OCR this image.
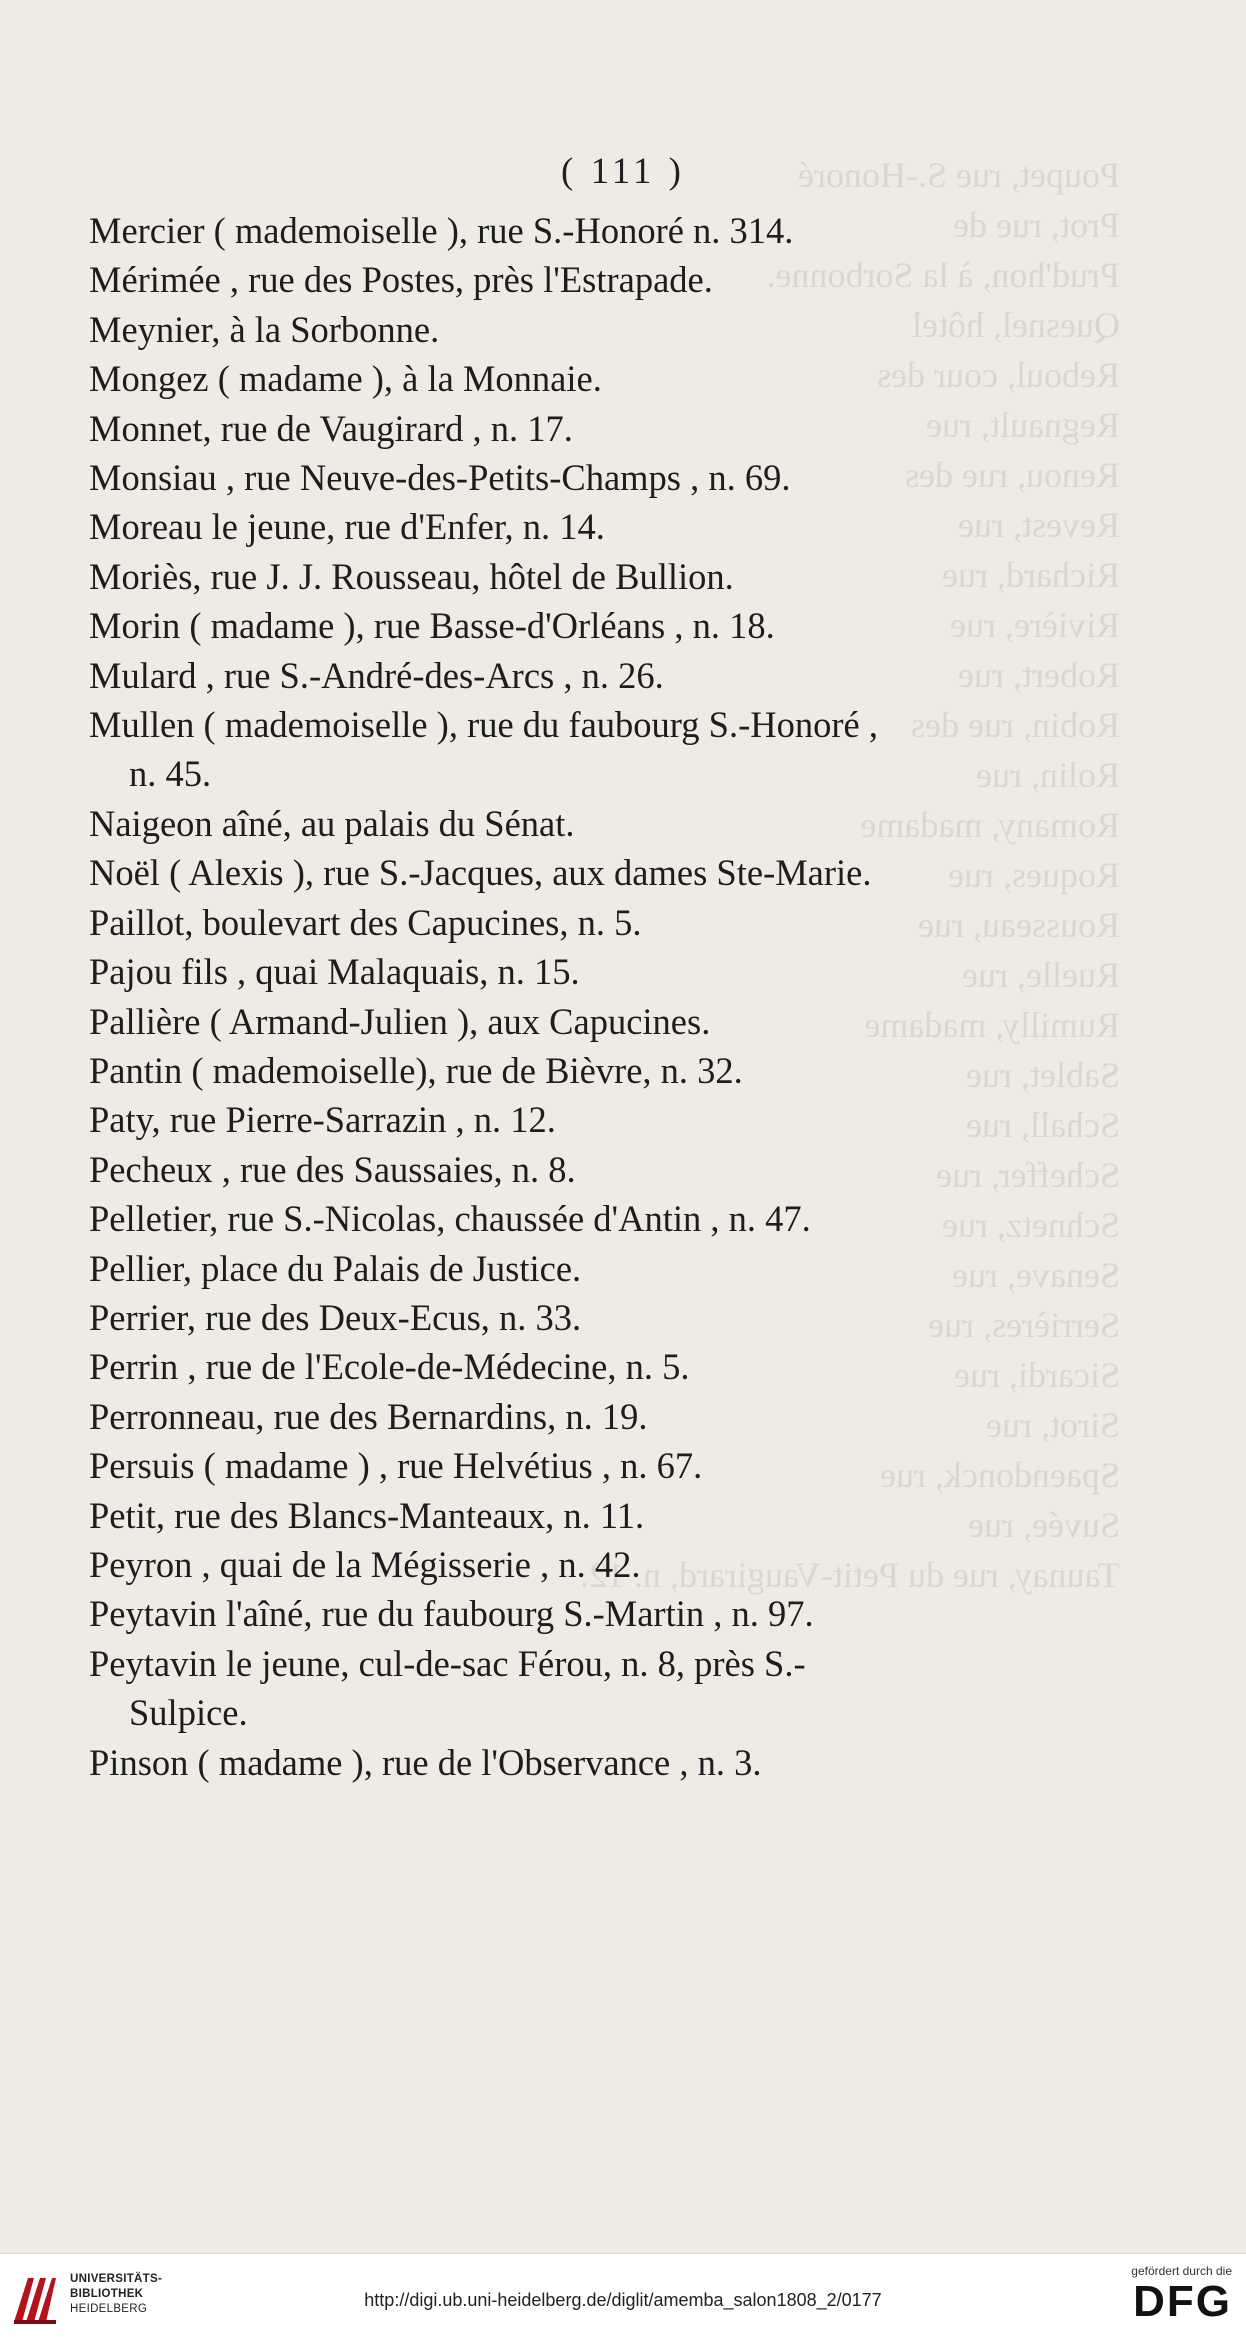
Poupet, rue S.-Honoré
Prot, rue de
Prud'hon, à la Sorbonne.
Quesnel, hôtel
Reboul, cour des
Regnault, rue
Renou, rue des
Revest, rue
Richard, rue
Rivière, rue
Robert, rue
Robin, rue des
Rolin, rue
Romany, madame
Roques, rue
Rousseau, rue
Ruelle, rue
Rumilly, madame
Sablet, rue
Schall, rue
Scheffer, rue
Schnetz, rue
Senave, rue
Serrières, rue
Sicardi, rue
Sirot, rue
Spaendonck, rue
Suvée, rue
Taunay, rue du Petit-Vaugirard, n. 12.
( 111 )
Mercier ( mademoiselle ), rue S.-Honoré n. 314.
Mérimée , rue des Postes, près l'Estrapade.
Meynier, à la Sorbonne.
Mongez ( madame ), à la Monnaie.
Monnet, rue de Vaugirard , n. 17.
Monsiau , rue Neuve-des-Petits-Champs , n. 69.
Moreau le jeune, rue d'Enfer, n. 14.
Moriès, rue J. J. Rousseau, hôtel de Bullion.
Morin ( madame ), rue Basse-d'Orléans , n. 18.
Mulard , rue S.-André-des-Arcs , n. 26.
Mullen ( mademoiselle ), rue du faubourg S.-Honoré ,
n. 45.
Naigeon aîné, au palais du Sénat.
Noël ( Alexis ), rue S.-Jacques, aux dames Ste-Marie.
Paillot, boulevart des Capucines, n. 5.
Pajou fils , quai Malaquais, n. 15.
Pallière ( Armand-Julien ), aux Capucines.
Pantin ( mademoiselle), rue de Bièvre, n. 32.
Paty, rue Pierre-Sarrazin , n. 12.
Pecheux , rue des Saussaies, n. 8.
Pelletier, rue S.-Nicolas, chaussée d'Antin , n. 47.
Pellier, place du Palais de Justice.
Perrier, rue des Deux-Ecus, n. 33.
Perrin , rue de l'Ecole-de-Médecine, n. 5.
Perronneau, rue des Bernardins, n. 19.
Persuis ( madame ) , rue Helvétius , n. 67.
Petit, rue des Blancs-Manteaux, n. 11.
Peyron , quai de la Mégisserie , n. 42.
Peytavin l'aîné, rue du faubourg S.-Martin , n. 97.
Peytavin le jeune, cul-de-sac Férou, n. 8, près S.-
Sulpice.
Pinson ( madame ), rue de l'Observance , n. 3.
UNIVERSITÄTS-
BIBLIOTHEK
HEIDELBERG	http://digi.ub.uni-heidelberg.de/diglit/amemba_salon1808_2/0177
gefördert durch die
DFG
